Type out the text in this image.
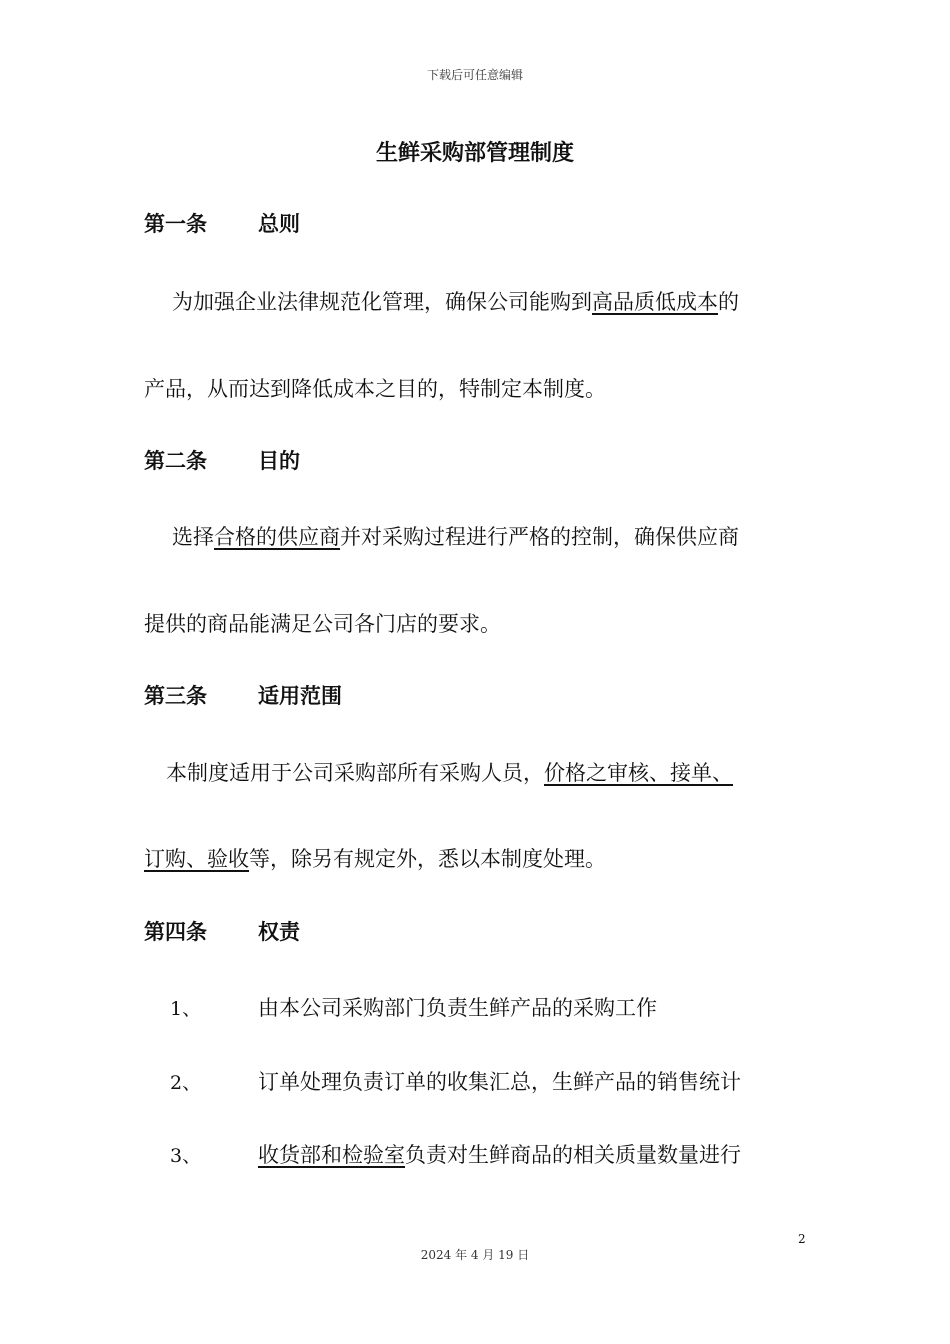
下载后可任意编辑
生鲜采购部管理制度
第一条 总则
为加强企业法律规范化管理，确保公司能购到高品质低成本的
产品，从而达到降低成本之目的，特制定本制度。
第二条 目的
选择合格的供应商并对采购过程进行严格的控制，确保供应商
提供的商品能满足公司各门店的要求。
第三条 适用范围
本制度适用于公司采购部所有采购人员，价格之审核、接单、
订购、验收等，除另有规定外，悉以本制度处理。
第四条 权责
1、	由本公司采购部门负责生鲜产品的采购工作
2、	订单处理负责订单的收集汇总，生鲜产品的销售统计
3、	收货部和检验室负责对生鲜商品的相关质量数量进行
2
2024 年 4 月 19 日
